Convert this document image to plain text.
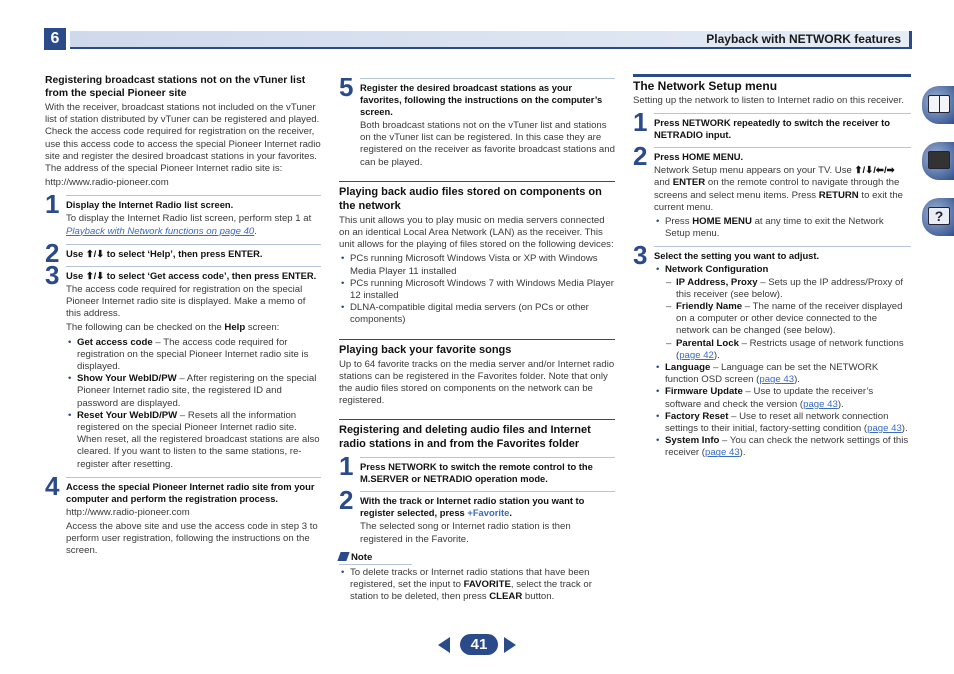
6	Playback with NETWORK features
Registering broadcast stations not on the vTuner list from the special Pioneer site

With the receiver, broadcast stations not included on the vTuner list of station distributed by vTuner can be registered and played. Check the access code required for registration on the receiver, use this access code to access the special Pioneer Internet radio site and register the desired broadcast stations in your favorites. The address of the special Pioneer Internet radio site is:

http://www.radio-pioneer.com

1 Display the Internet Radio list screen.
To display the Internet Radio list screen, perform step 1 at Playback with Network functions on page 40.
2 Use ⬆/⬇ to select ‘Help’, then press ENTER.
3 Use ⬆/⬇ to select ‘Get access code’, then press ENTER.
The access code required for registration on the special Pioneer Internet radio site is displayed. Make a memo of this address.

The following can be checked on the Help screen:

• Get access code – The access code required for registration on the special Pioneer Internet radio site is displayed.
• Show Your WebID/PW – After registering on the special Pioneer Internet radio site, the registered ID and password are displayed.
• Reset Your WebID/PW – Resets all the information registered on the special Pioneer Internet radio site. When reset, all the registered broadcast stations are also cleared. If you want to listen to the same stations, re-register after resetting.
4 Access the special Pioneer Internet radio site from your computer and perform the registration process.
http://www.radio-pioneer.com

Access the above site and use the access code in step 3 to perform user registration, following the instructions on the screen.

5 Register the desired broadcast stations as your favorites, following the instructions on the computer’s screen.
Both broadcast stations not on the vTuner list and stations on the vTuner list can be registered. In this case they are registered on the receiver as favorite broadcast stations and can be played.
Playing back audio files stored on components on the network

This unit allows you to play music on media servers connected on an identical Local Area Network (LAN) as the receiver. This unit allows for the playing of files stored on the following devices:

• PCs running Microsoft Windows Vista or XP with Windows Media Player 11 installed
• PCs running Microsoft Windows 7 with Windows Media Player 12 installed
• DLNA-compatible digital media servers (on PCs or other components)
Playing back your favorite songs

Up to 64 favorite tracks on the media server and/or Internet radio stations can be registered in the Favorites folder. Note that only the audio files stored on components on the network can be registered.

Registering and deleting audio files and Internet radio stations in and from the Favorites folder
1 Press NETWORK to switch the remote control to the M.SERVER or NETRADIO operation mode.
2 With the track or Internet radio station you want to register selected, press +Favorite.
The selected song or Internet radio station is then registered in the Favorite.
Note
• To delete tracks or Internet radio stations that have been registered, set the input to FAVORITE, select the track or station to be deleted, then press CLEAR button.
The Network Setup menu

Setting up the network to listen to Internet radio on this receiver.

1 Press NETWORK repeatedly to switch the receiver to NETRADIO input.
2 Press HOME MENU.
Network Setup menu appears on your TV. Use ⬆/⬇/⬅/➡ and ENTER on the remote control to navigate through the screens and select menu items. Press RETURN to exit the current menu.
• Press HOME MENU at any time to exit the Network Setup menu.
3 Select the setting you want to adjust.
• Network Configuration
– IP Address, Proxy – Sets up the IP address/Proxy of this receiver (see below).
– Friendly Name – The name of the receiver displayed on a computer or other device connected to the network can be changed (see below).
– Parental Lock – Restricts usage of network functions (page 42).
• Language – Language can be set the NETWORK function OSD screen (page 43).
• Firmware Update – Use to update the receiver’s software and check the version (page 43).
• Factory Reset – Use to reset all network connection settings to their initial, factory-setting condition (page 43).
• System Info – You can check the network settings of this receiver (page 43).
?
41
